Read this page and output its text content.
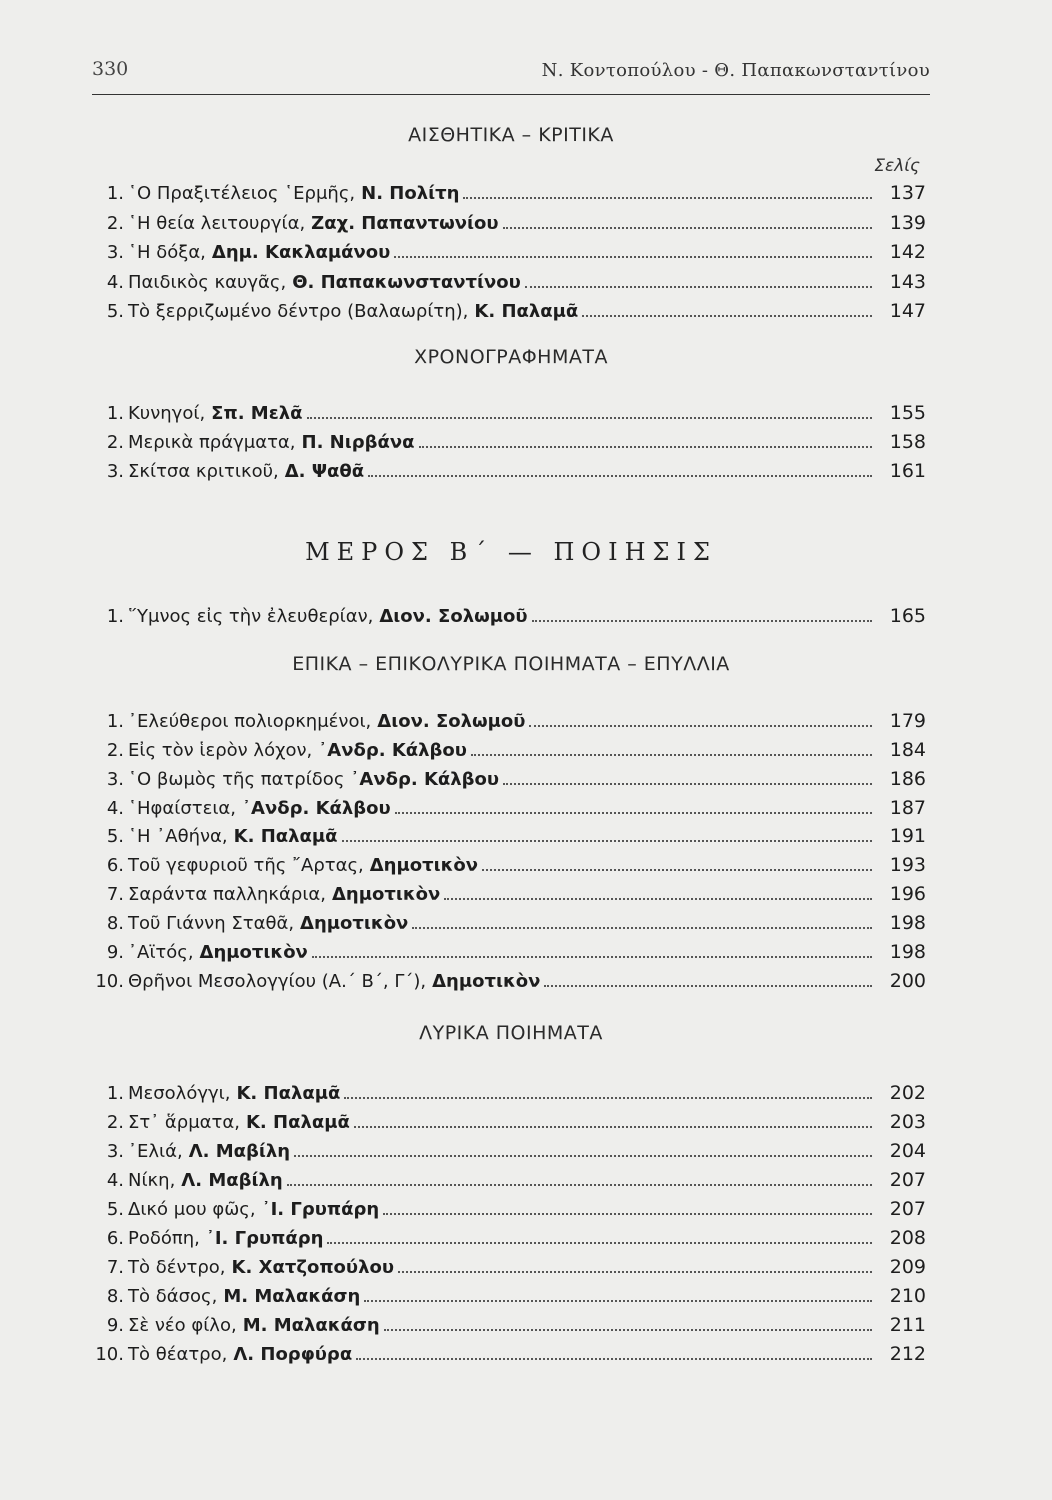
330	Ν. Κοντοπούλου - Θ. Παπακωνσταντίνου
ΑΙΣΘΗΤΙΚΑ – ΚΡΙΤΙΚΑ
Σελίς
1. ῾Ο Πραξιτέλειος ῾Ερμῆς, Ν. Πολίτη	137
2. ῾Η θεία λειτουργία, Ζαχ. Παπαντωνίου	139
3. ῾Η δόξα, Δημ. Κακλαμάνου	142
4. Παιδικὸς καυγᾶς, Θ. Παπακωνσταντίνου	143
5. Τὸ ξερριζωμένο δέντρο (Βαλαωρίτη), Κ. Παλαμᾶ	147
ΧΡΟΝΟΓΡΑΦΗΜΑΤΑ
1. Κυνηγοί, Σπ. Μελᾶ	155
2. Μερικὰ πράγματα, Π. Νιρβάνα	158
3. Σκίτσα κριτικοῦ, Δ. Ψαθᾶ	161
ΜΕΡΟΣ Β΄ — ΠΟΙΗΣΙΣ
1. ῞Υμνος εἰς τὴν ἐλευθερίαν, Διον. Σολωμοῦ	165
ΕΠΙΚΑ – ΕΠΙΚΟΛΥΡΙΚΑ ΠΟΙΗΜΑΤΑ – ΕΠΥΛΛΙΑ
1. ᾿Ελεύθεροι πολιορκημένοι, Διον. Σολωμοῦ	179
2. Εἰς τὸν ἱερὸν λόχον, ᾿Ανδρ. Κάλβου	184
3. ῾Ο βωμὸς τῆς πατρίδος ᾿Ανδρ. Κάλβου	186
4. ῾Ηφαίστεια, ᾿Ανδρ. Κάλβου	187
5. ῾Η ᾿Αθήνα, Κ. Παλαμᾶ	191
6. Τοῦ γεφυριοῦ τῆς ῎Αρτας, Δημοτικὸν	193
7. Σαράντα παλληκάρια, Δημοτικὸν	196
8. Τοῦ Γιάννη Σταθᾶ, Δημοτικὸν	198
9. ᾿Αϊτός, Δημοτικὸν	198
10. Θρῆνοι Μεσολογγίου (Α.΄ Β΄, Γ΄), Δημοτικὸν	200
ΛΥΡΙΚΑ ΠΟΙΗΜΑΤΑ
1. Μεσολόγγι, Κ. Παλαμᾶ	202
2. Στ᾿ ἅρματα, Κ. Παλαμᾶ	203
3. ᾿Ελιά, Λ. Μαβίλη	204
4. Νίκη, Λ. Μαβίλη	207
5. Δικό μου φῶς, ᾿Ι. Γρυπάρη	207
6. Ροδόπη, ᾿Ι. Γρυπάρη	208
7. Τὸ δέντρο, Κ. Χατζοπούλου	209
8. Τὸ δάσος, Μ. Μαλακάση	210
9. Σὲ νέο φίλο, Μ. Μαλακάση	211
10. Τὸ θέατρο, Λ. Πορφύρα	212
